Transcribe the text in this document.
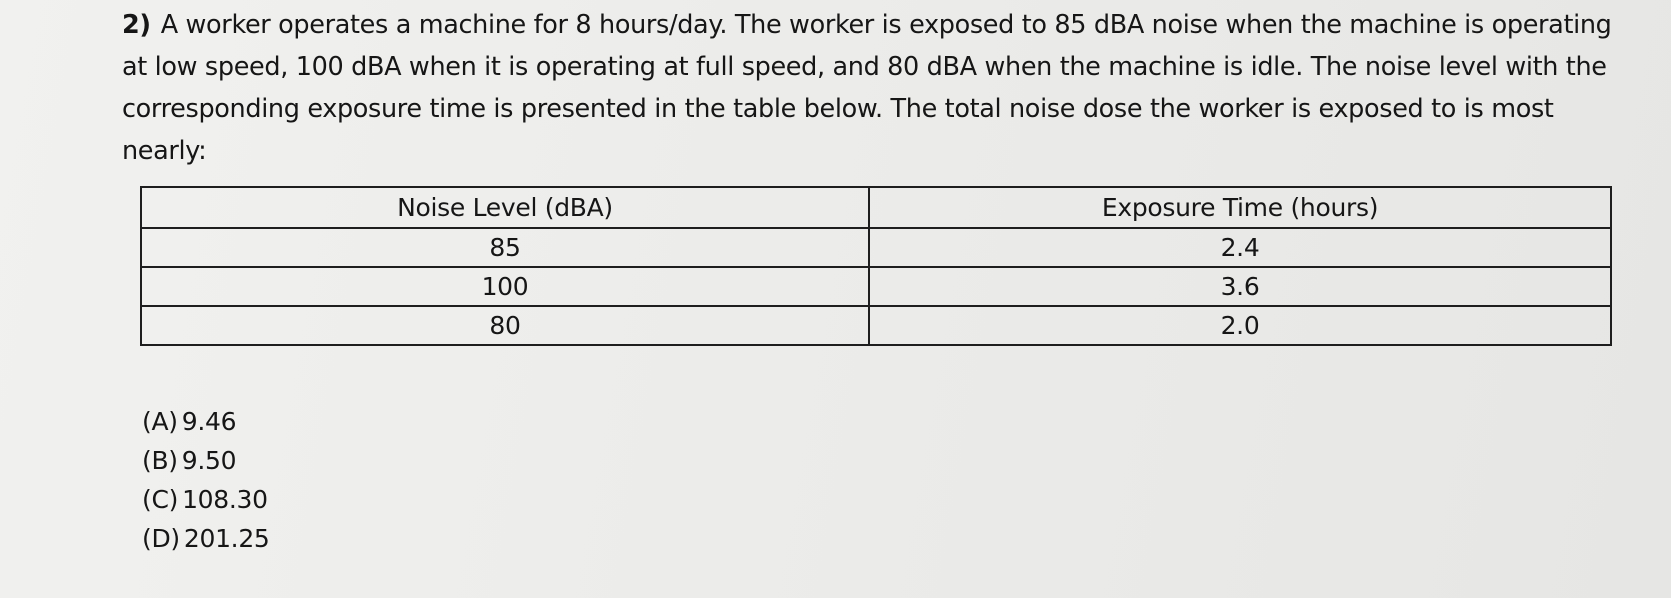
2) A worker operates a machine for 8 hours/day. The worker is exposed to 85 dBA noise when the machine is operating at low speed, 100 dBA when it is operating at full speed, and 80 dBA when the machine is idle. The noise level with the corresponding exposure time is presented in the table below. The total noise dose the worker is exposed to is most nearly:
Noise Level (dBA)	Exposure Time (hours)
85	2.4
100	3.6
80	2.0
(A) 9.46
(B) 9.50
(C) 108.30
(D) 201.25
